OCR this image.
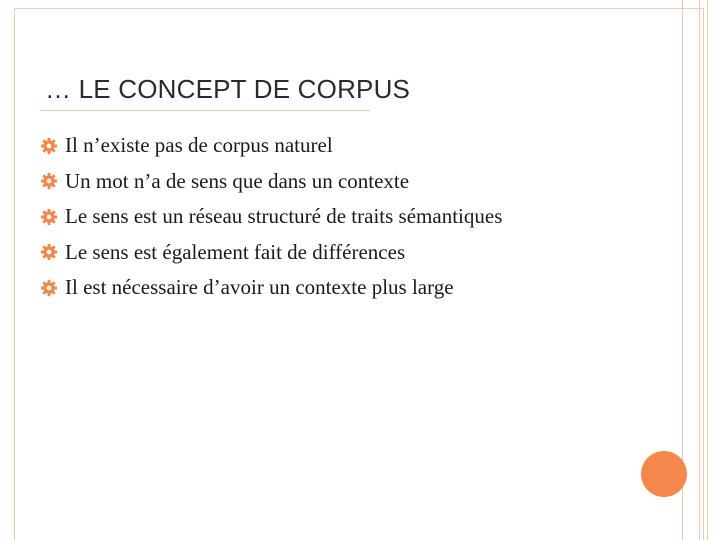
… LE CONCEPT DE CORPUS
Il n’existe pas de corpus naturel
Un mot n’a de sens que dans un contexte
Le sens est un réseau structuré de traits sémantiques
Le sens est également fait de différences
Il est nécessaire d’avoir un contexte plus large
